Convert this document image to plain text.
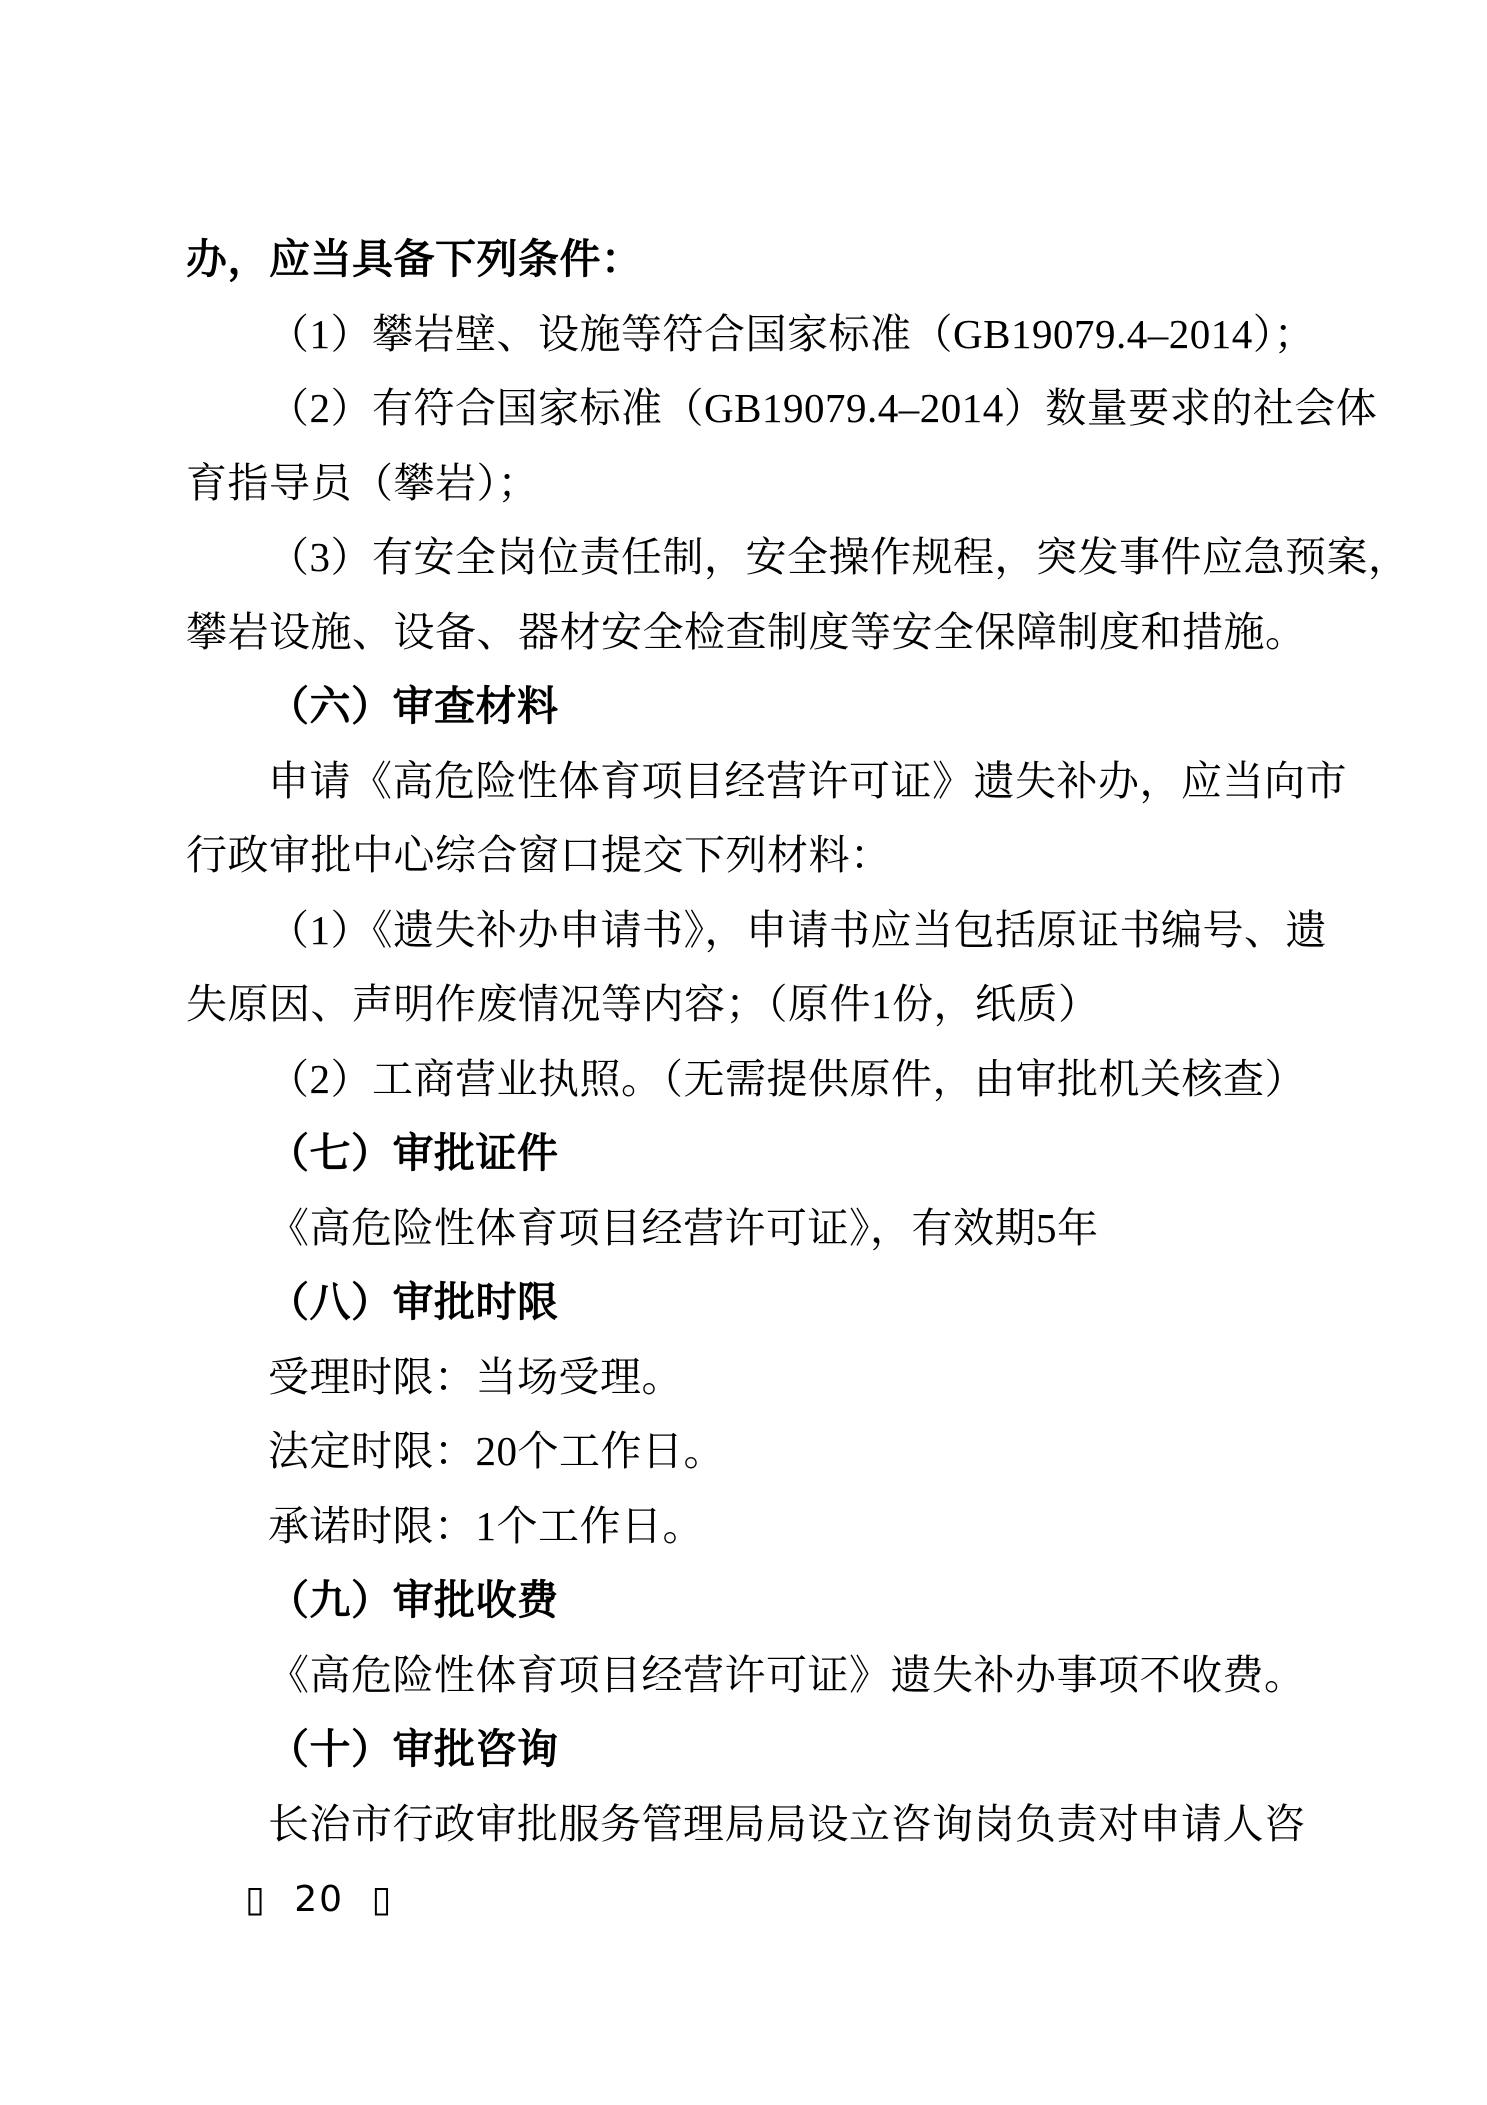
办，应当具备下列条件：

（1）攀岩壁、设施等符合国家标准（GB19079.4–2014）；

（2）有符合国家标准（GB19079.4–2014）数量要求的社会体

育指导员（攀岩）；

（3）有安全岗位责任制，安全操作规程，突发事件应急预案，

攀岩设施、设备、器材安全检查制度等安全保障制度和措施。

（六）审查材料

申请《高危险性体育项目经营许可证》遗失补办，应当向市

行政审批中心综合窗口提交下列材料：

（1）《遗失补办申请书》，申请书应当包括原证书编号、遗

失原因、声明作废情况等内容；（原件1份，纸质）

（2）工商营业执照。（无需提供原件，由审批机关核查）

（七）审批证件

《高危险性体育项目经营许可证》，有效期5年

（八）审批时限

受理时限：当场受理。

法定时限：20个工作日。

承诺时限：1个工作日。

（九）审批收费

《高危险性体育项目经营许可证》遗失补办事项不收费。

（十）审批咨询

长治市行政审批服务管理局局设立咨询岗负责对申请人咨

▯ 20 ▯
